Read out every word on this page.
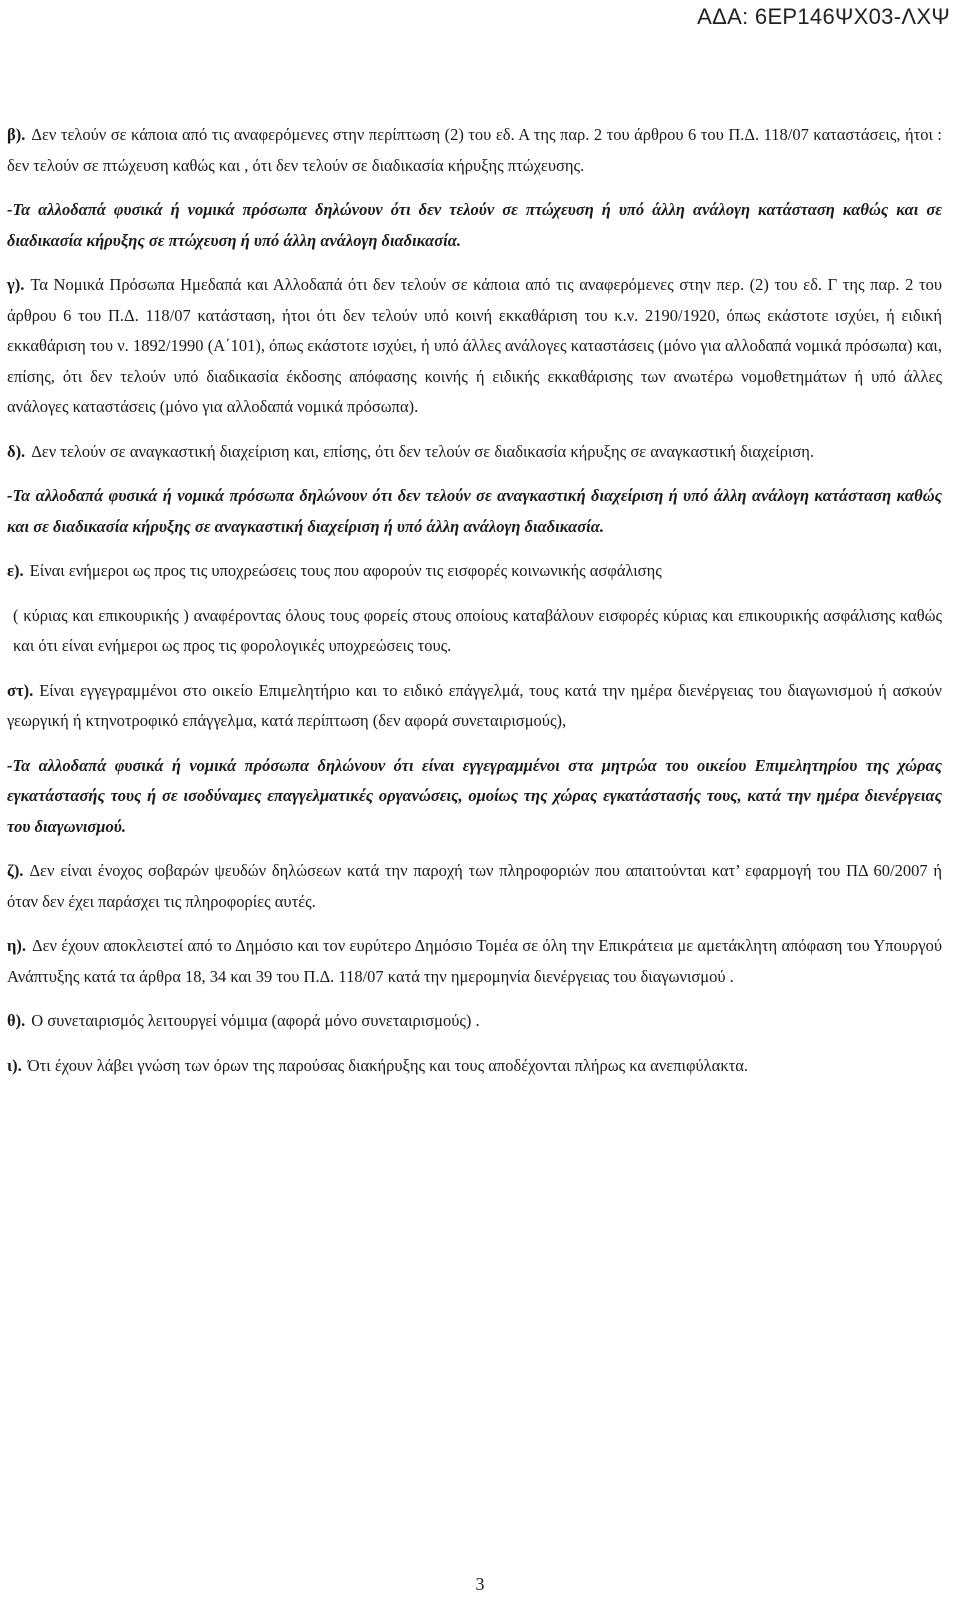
ΑΔΑ: 6ΕΡ146ΨΧ03-ΛΧΨ

β). Δεν τελούν σε κάποια από τις αναφερόμενες στην περίπτωση (2) του εδ. Α της παρ. 2 του άρθρου 6 του Π.Δ. 118/07 καταστάσεις, ήτοι : δεν τελούν σε πτώχευση καθώς και , ότι δεν τελούν σε διαδικασία κήρυξης πτώχευσης.

-Τα αλλοδαπά φυσικά ή νομικά πρόσωπα δηλώνουν ότι δεν τελούν σε πτώχευση ή υπό άλλη ανάλογη κατάσταση καθώς και σε διαδικασία κήρυξης σε πτώχευση ή υπό άλλη ανάλογη διαδικασία.

γ). Τα Νομικά Πρόσωπα Ημεδαπά και Αλλοδαπά ότι δεν τελούν σε κάποια από τις αναφερόμενες στην περ. (2) του εδ. Γ της παρ. 2 του άρθρου 6 του Π.Δ. 118/07 κατάσταση, ήτοι ότι δεν τελούν υπό κοινή εκκαθάριση του κ.ν. 2190/1920, όπως εκάστοτε ισχύει, ή ειδική εκκαθάριση του ν. 1892/1990 (Α΄101), όπως εκάστοτε ισχύει, ή υπό άλλες ανάλογες καταστάσεις (μόνο για αλλοδαπά νομικά πρόσωπα) και, επίσης, ότι δεν τελούν υπό διαδικασία έκδοσης απόφασης κοινής ή ειδικής εκκαθάρισης των ανωτέρω νομοθετημάτων ή υπό άλλες ανάλογες καταστάσεις (μόνο για αλλοδαπά νομικά πρόσωπα).

δ). Δεν τελούν σε αναγκαστική διαχείριση και, επίσης, ότι δεν τελούν σε διαδικασία κήρυξης σε αναγκαστική διαχείριση.

-Τα αλλοδαπά φυσικά ή νομικά πρόσωπα δηλώνουν ότι δεν τελούν σε αναγκαστική διαχείριση ή υπό άλλη ανάλογη κατάσταση καθώς και σε διαδικασία κήρυξης σε αναγκαστική διαχείριση ή υπό άλλη ανάλογη διαδικασία.

ε). Είναι ενήμεροι ως προς τις υποχρεώσεις τους που αφορούν τις εισφορές κοινωνικής ασφάλισης

( κύριας και επικουρικής ) αναφέροντας όλους τους φορείς στους οποίους καταβάλουν εισφορές κύριας και επικουρικής ασφάλισης καθώς και ότι είναι ενήμεροι ως προς τις φορολογικές υποχρεώσεις τους.

στ). Είναι εγγεγραμμένοι στο οικείο Επιμελητήριο και το ειδικό επάγγελμά, τους κατά την ημέρα διενέργειας του διαγωνισμού ή ασκούν γεωργική ή κτηνοτροφικό επάγγελμα, κατά περίπτωση (δεν αφορά συνεταιρισμούς),

-Τα αλλοδαπά φυσικά ή νομικά πρόσωπα δηλώνουν ότι είναι εγγεγραμμένοι στα μητρώα του οικείου Επιμελητηρίου της χώρας εγκατάστασής τους ή σε ισοδύναμες επαγγελματικές οργανώσεις, ομοίως της χώρας εγκατάστασής τους, κατά την ημέρα διενέργειας του διαγωνισμού.

ζ). Δεν είναι ένοχος σοβαρών ψευδών δηλώσεων κατά την παροχή των πληροφοριών που απαιτούνται κατ’ εφαρμογή του ΠΔ 60/2007 ή όταν δεν έχει παράσχει τις πληροφορίες αυτές.

η). Δεν έχουν αποκλειστεί από το Δημόσιο και τον ευρύτερο Δημόσιο Τομέα σε όλη την Επικράτεια με αμετάκλητη απόφαση του Υπουργού Ανάπτυξης κατά τα άρθρα 18, 34 και 39 του Π.Δ. 118/07 κατά την ημερομηνία διενέργειας του διαγωνισμού .

θ). Ο συνεταιρισμός λειτουργεί νόμιμα (αφορά μόνο συνεταιρισμούς) .

ι). Ότι έχουν λάβει γνώση των όρων της παρούσας διακήρυξης και τους αποδέχονται πλήρως κα ανεπιφύλακτα.

3
